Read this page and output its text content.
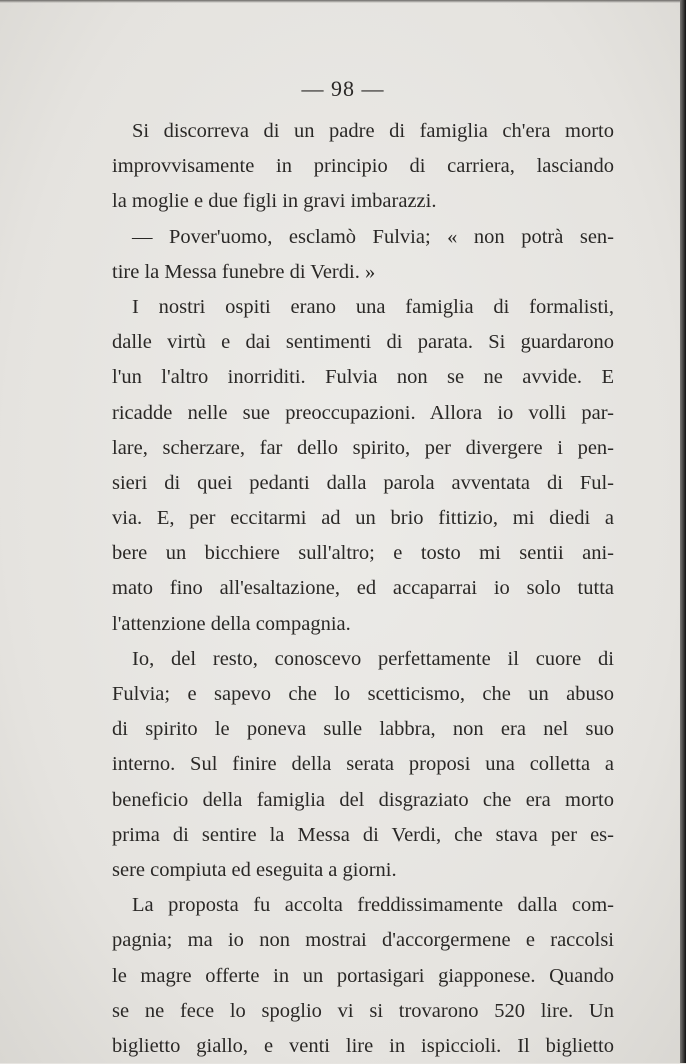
— 98 —
Si discorreva di un padre di famiglia ch'era morto
improvvisamente in principio di carriera, lasciando
la moglie e due figli in gravi imbarazzi.
— Pover'uomo, esclamò Fulvia; « non potrà sen-
tire la Messa funebre di Verdi. »
I nostri ospiti erano una famiglia di formalisti,
dalle virtù e dai sentimenti di parata. Si guardarono
l'un l'altro inorriditi. Fulvia non se ne avvide. E
ricadde nelle sue preoccupazioni. Allora io volli par-
lare, scherzare, far dello spirito, per divergere i pen-
sieri di quei pedanti dalla parola avventata di Ful-
via. E, per eccitarmi ad un brio fittizio, mi diedi a
bere un bicchiere sull'altro; e tosto mi sentii ani-
mato fino all'esaltazione, ed accaparrai io solo tutta
l'attenzione della compagnia.
Io, del resto, conoscevo perfettamente il cuore di
Fulvia; e sapevo che lo scetticismo, che un abuso
di spirito le poneva sulle labbra, non era nel suo
interno. Sul finire della serata proposi una colletta a
beneficio della famiglia del disgraziato che era morto
prima di sentire la Messa di Verdi, che stava per es-
sere compiuta ed eseguita a giorni.
La proposta fu accolta freddissimamente dalla com-
pagnia; ma io non mostrai d'accorgermene e raccolsi
le magre offerte in un portasigari giapponese. Quando
se ne fece lo spoglio vi si trovarono 520 lire. Un
biglietto giallo, e venti lire in ispiccioli. Il biglietto
